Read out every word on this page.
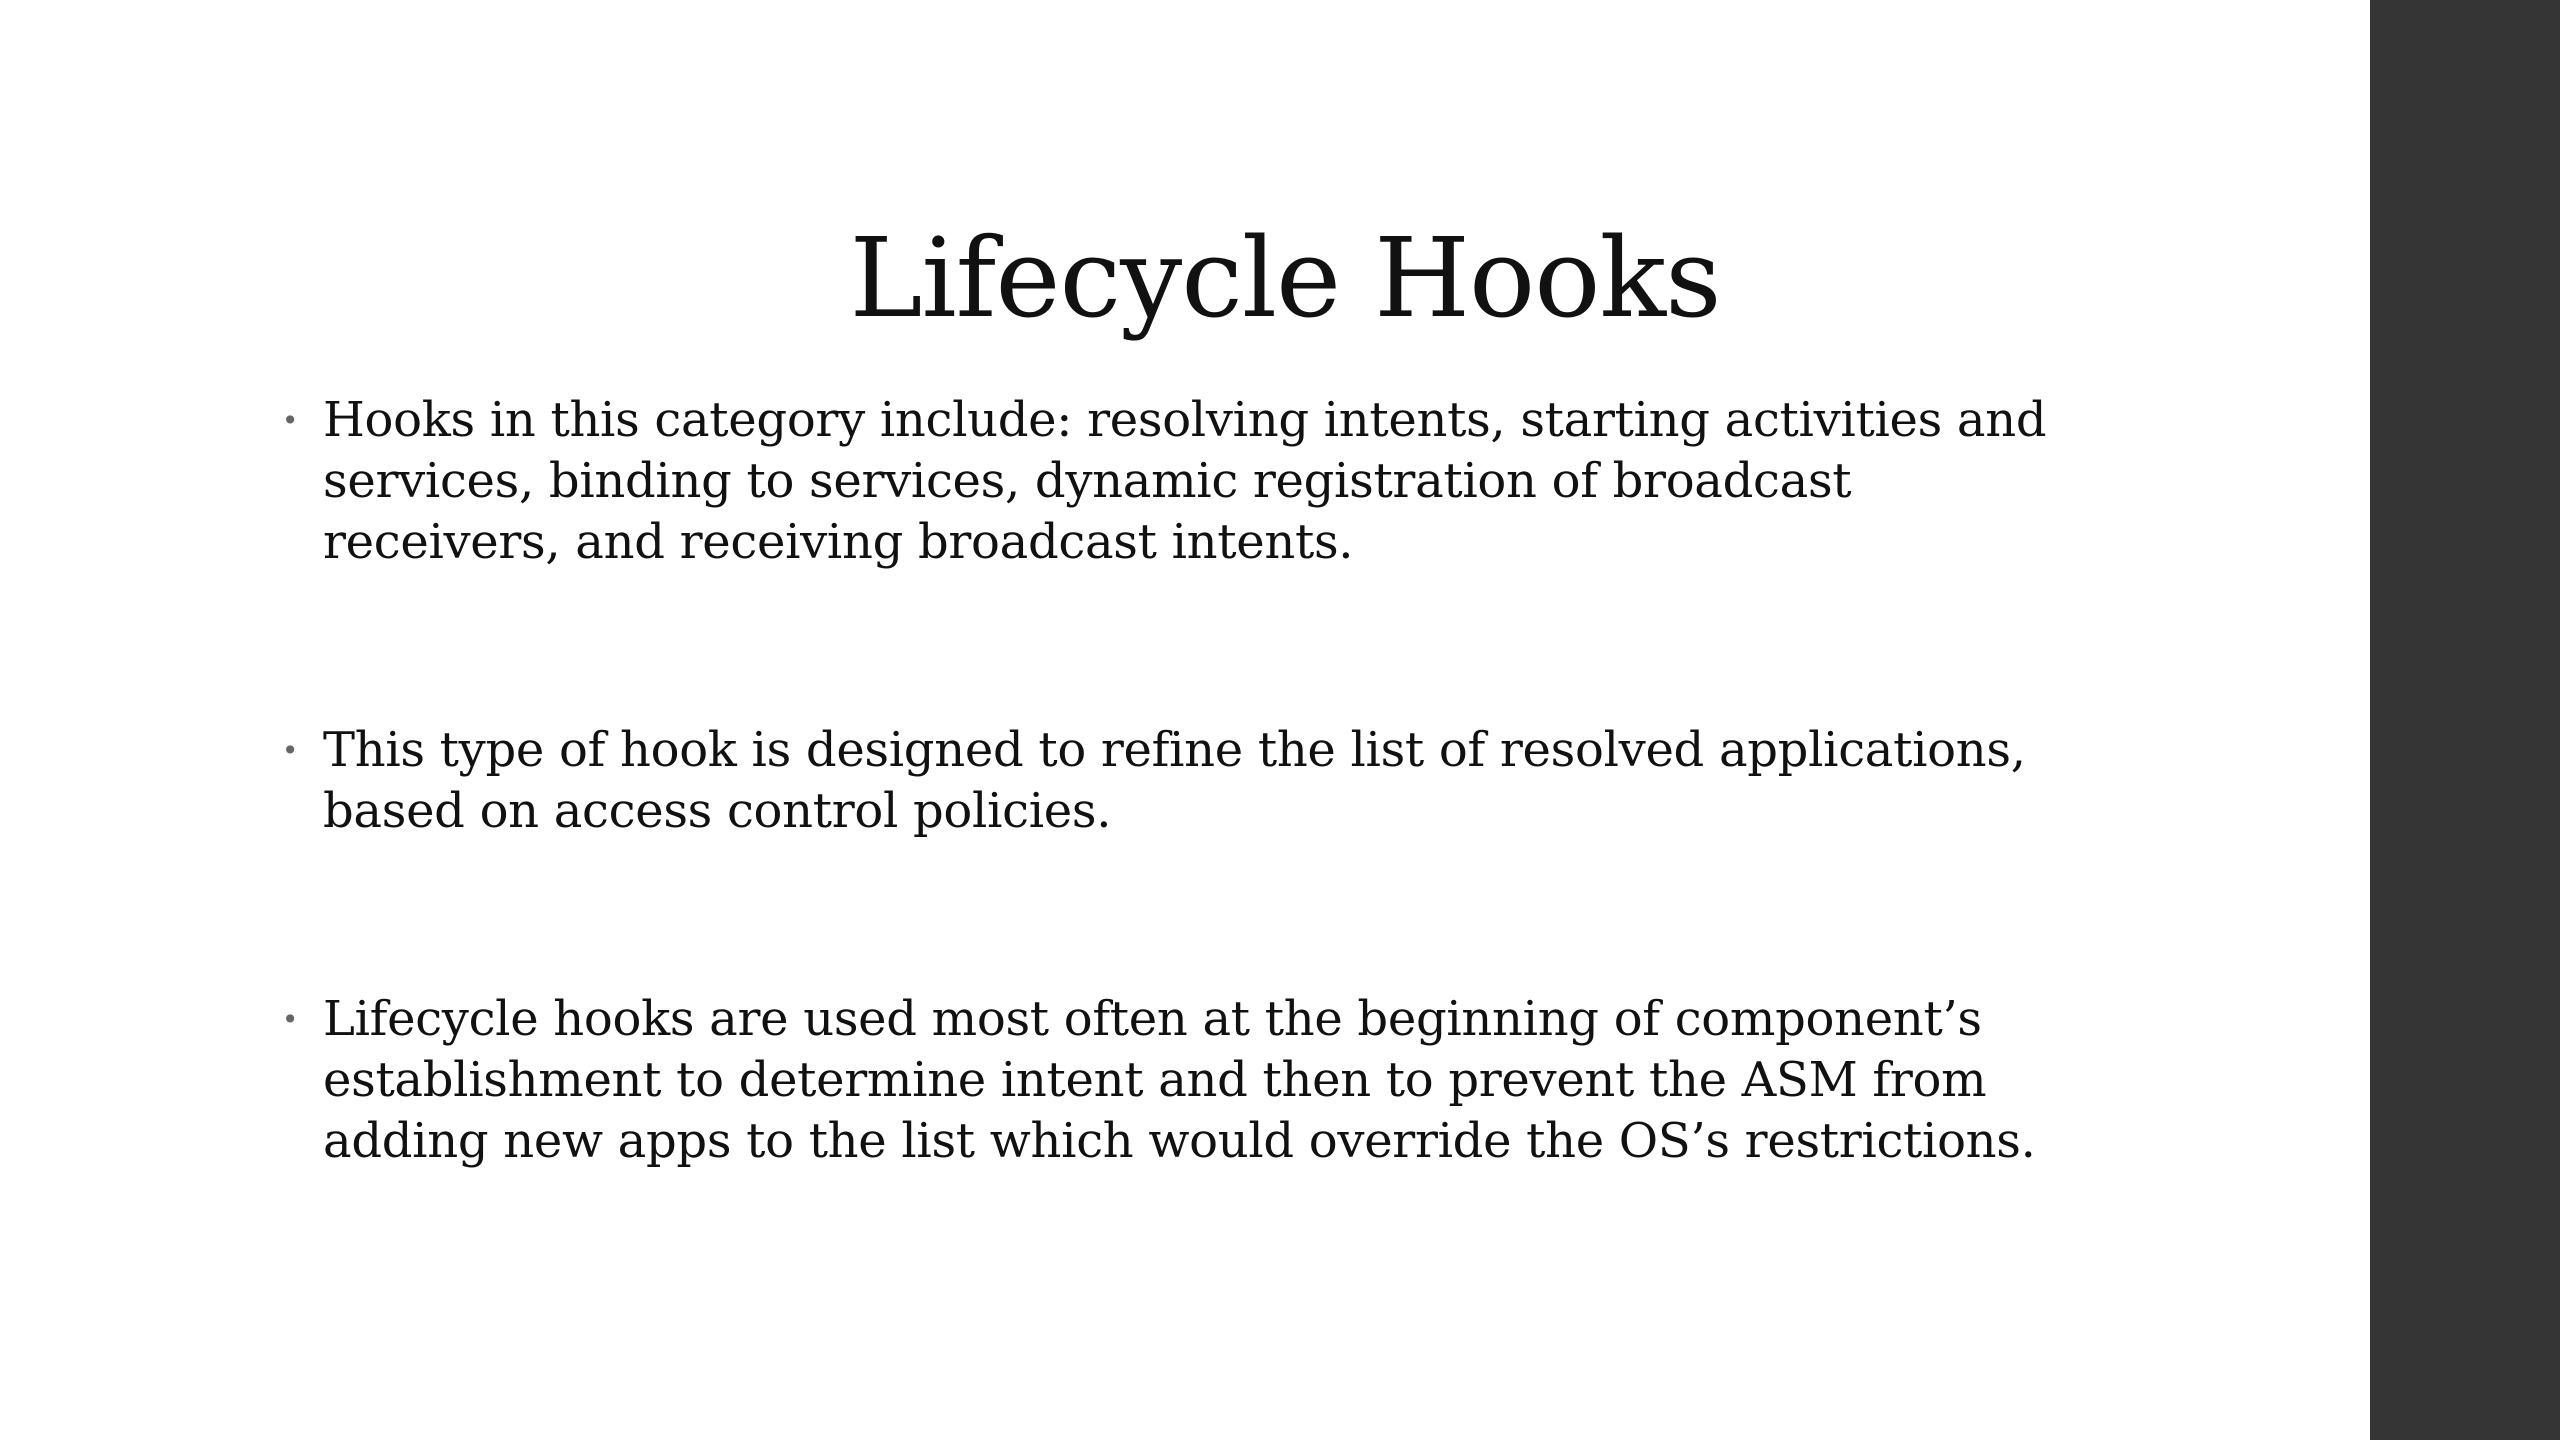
Lifecycle Hooks
• Hooks in this category include: resolving intents, starting activities and services, binding to services, dynamic registration of broadcast receivers, and receiving broadcast intents.
• This type of hook is designed to refine the list of resolved applications, based on access control policies.
• Lifecycle hooks are used most often at the beginning of component’s establishment to determine intent and then to prevent the ASM from adding new apps to the list which would override the OS’s restrictions.
